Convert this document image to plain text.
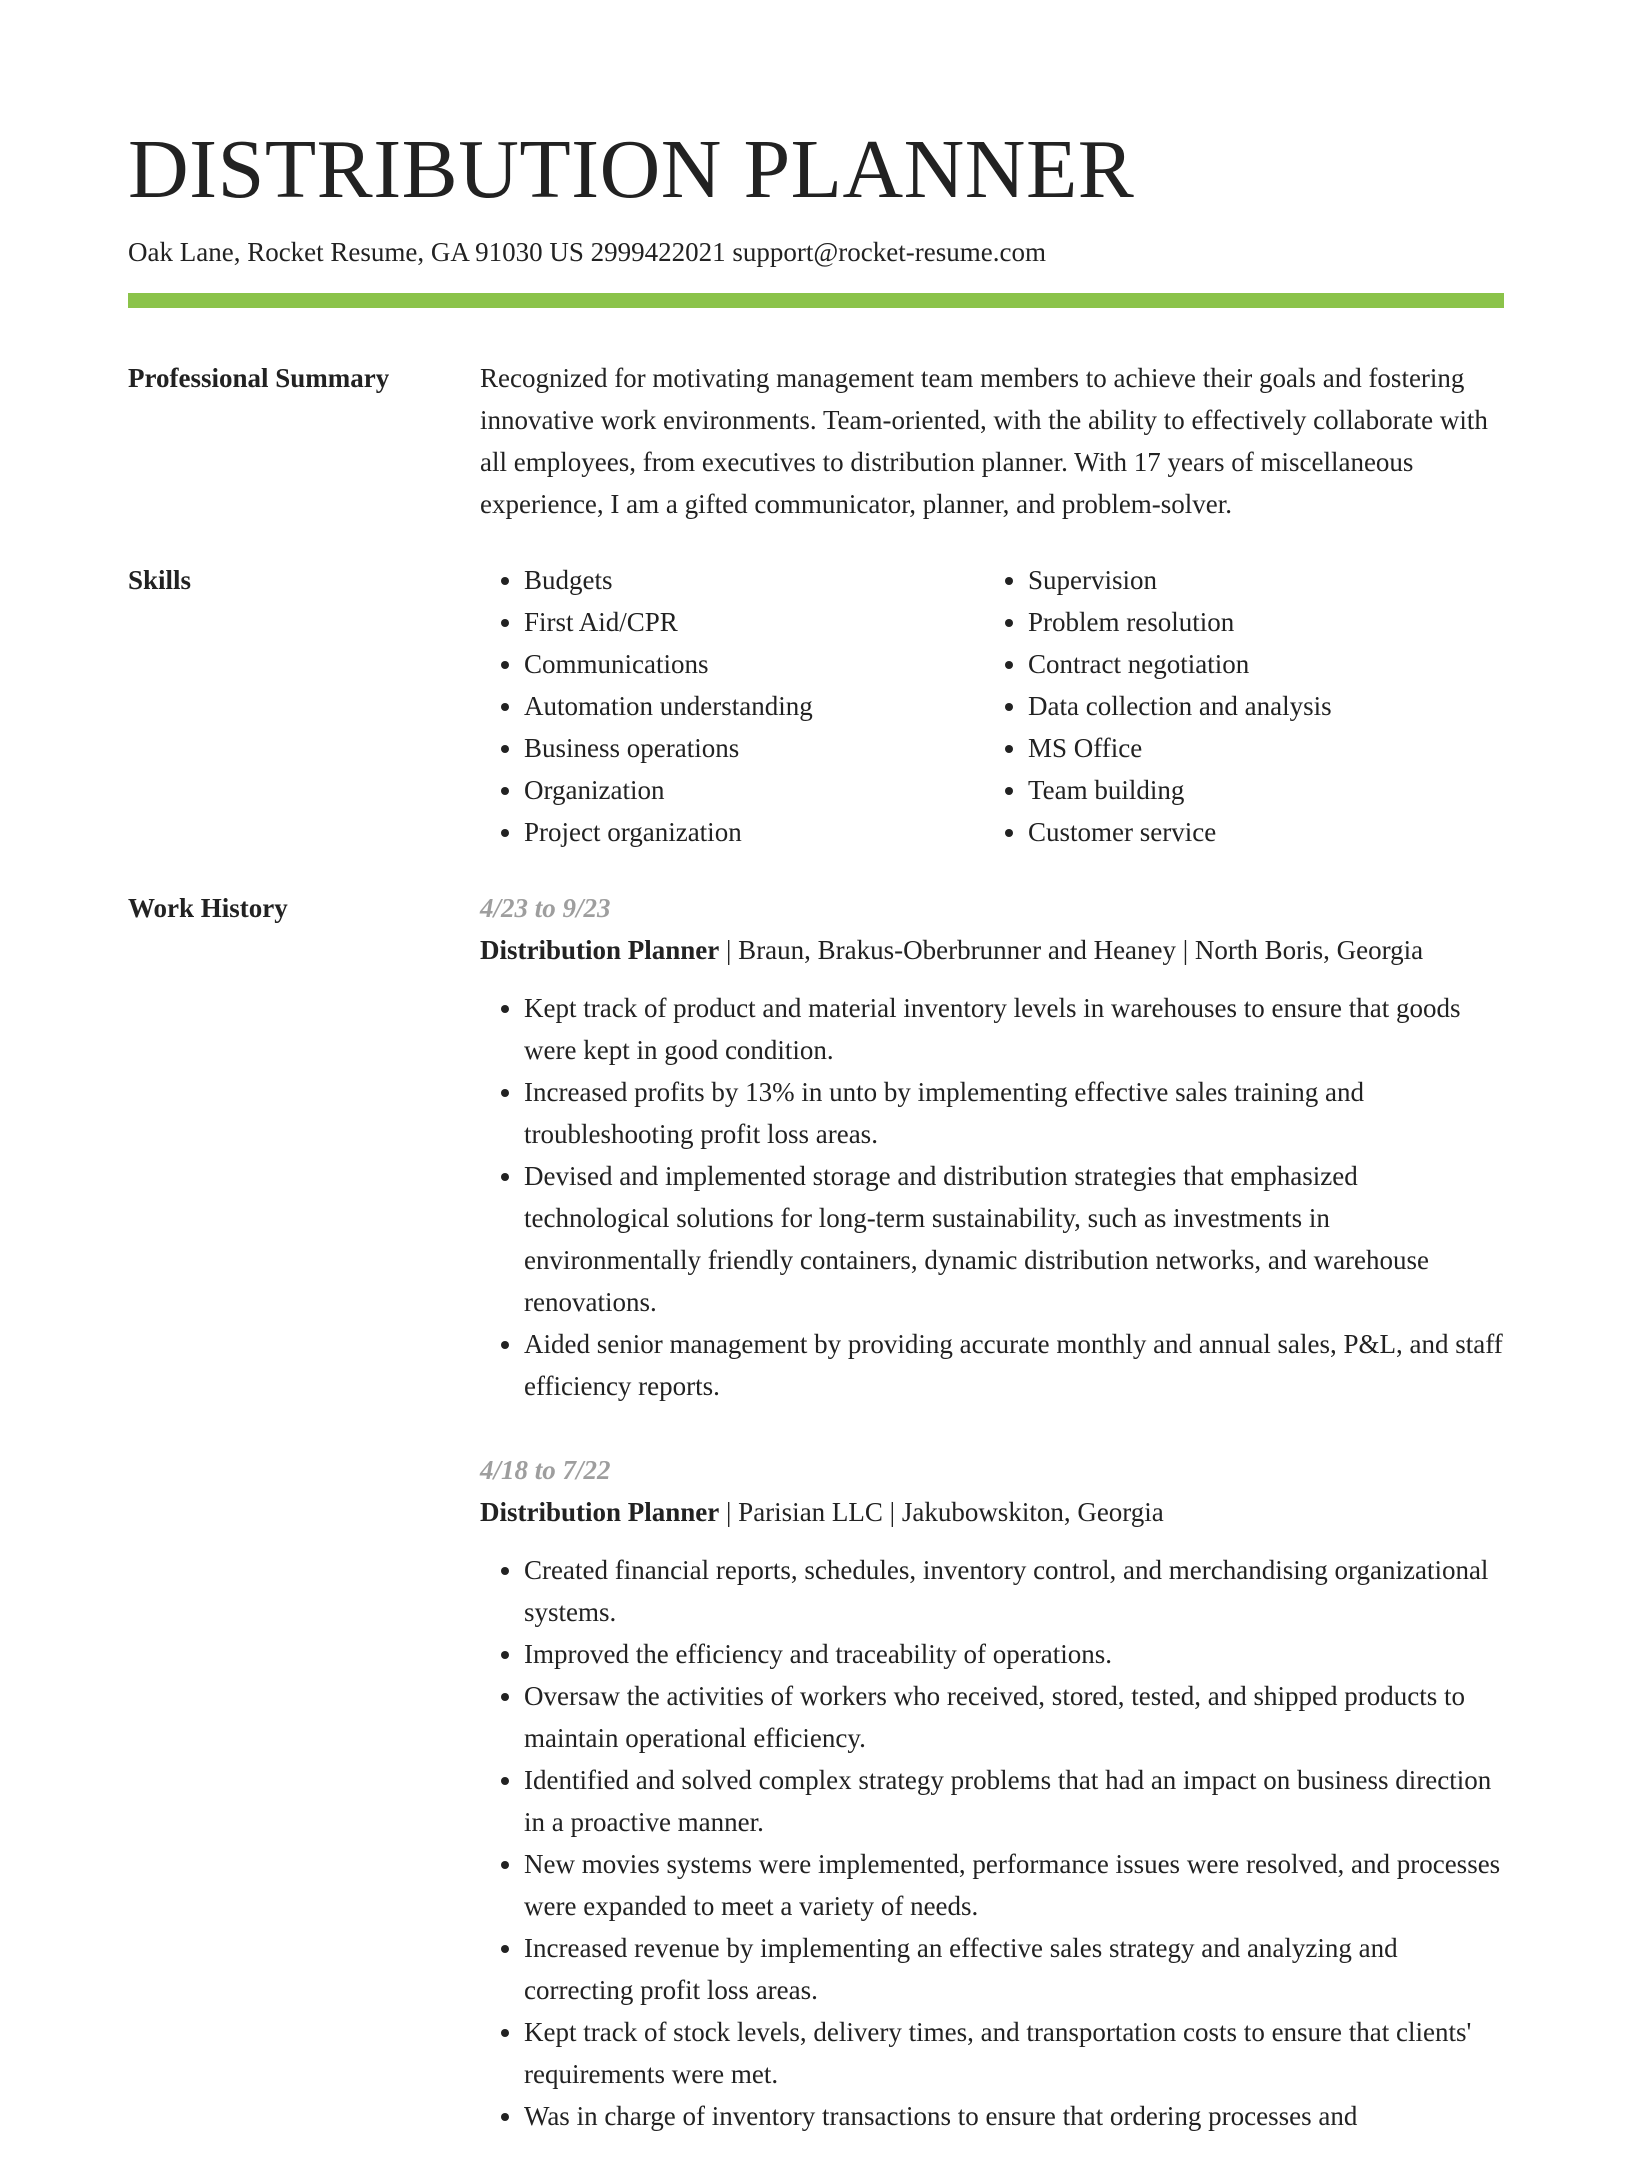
DISTRIBUTION PLANNER
Oak Lane, Rocket Resume, GA 91030 US 2999422021 support@rocket-resume.com
Professional Summary	Recognized for motivating management team members to achieve their goals and fostering innovative work environments. Team-oriented, with the ability to effectively collaborate with all employees, from executives to distribution planner. With 17 years of miscellaneous experience, I am a gifted communicator, planner, and problem-solver.

Skills
•	Budgets
• First Aid/CPR
• Communications
• Automation understanding
• Business operations
• Organization
• Project organization
• Supervision
• Problem resolution
• Contract negotiation
• Data collection and analysis
• MS Office
• Team building
• Customer service
Work History	4/23 to 9/23
Distribution Planner | Braun, Brakus-Oberbrunner and Heaney | North Boris, Georgia
• Kept track of product and material inventory levels in warehouses to ensure that goods were kept in good condition.
• Increased profits by 13% in unto by implementing effective sales training and troubleshooting profit loss areas.
• Devised and implemented storage and distribution strategies that emphasized technological solutions for long-term sustainability, such as investments in environmentally friendly containers, dynamic distribution networks, and warehouse renovations.
• Aided senior management by providing accurate monthly and annual sales, P&L, and staff efficiency reports.
4/18 to 7/22
Distribution Planner | Parisian LLC | Jakubowskiton, Georgia
• Created financial reports, schedules, inventory control, and merchandising organizational systems.
• Improved the efficiency and traceability of operations.
• Oversaw the activities of workers who received, stored, tested, and shipped products to maintain operational efficiency.
• Identified and solved complex strategy problems that had an impact on business direction in a proactive manner.
• New movies systems were implemented, performance issues were resolved, and processes were expanded to meet a variety of needs.
• Increased revenue by implementing an effective sales strategy and analyzing and correcting profit loss areas.
• Kept track of stock levels, delivery times, and transportation costs to ensure that clients' requirements were met.
• Was in charge of inventory transactions to ensure that ordering processes and
